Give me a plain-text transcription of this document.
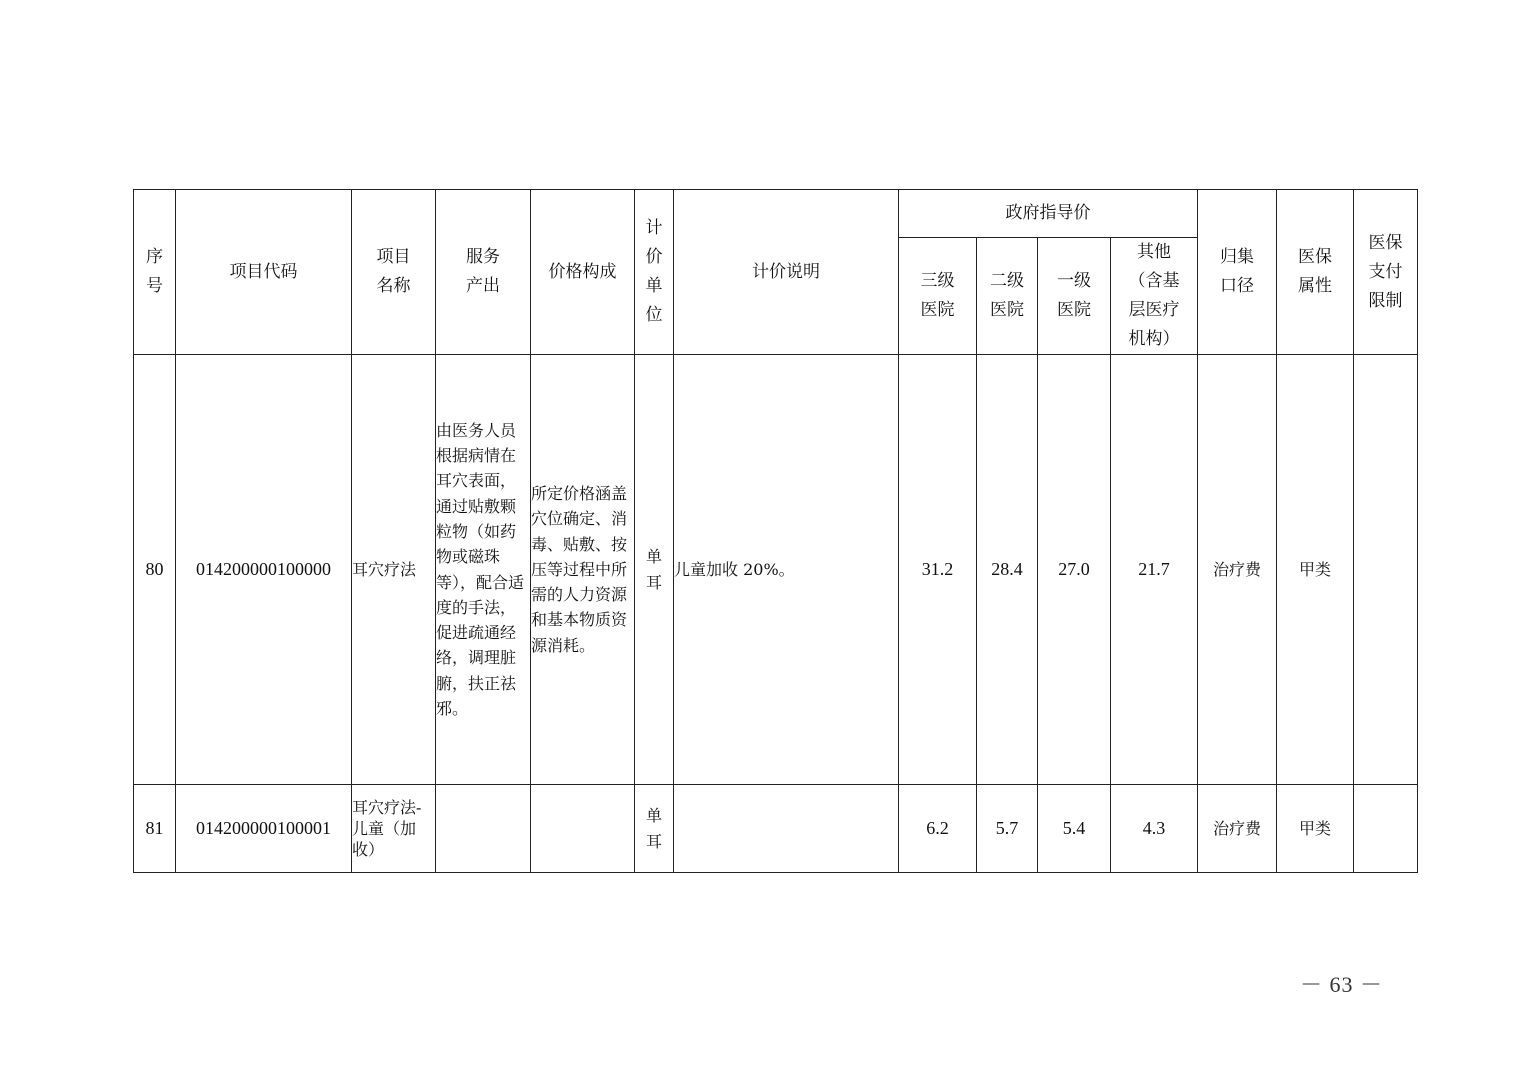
序号	项目代码	项目名称	服务产出	价格构成	计价单位	计价说明	政府指导价				归集口径	医保属性	医保支付限制

							三级医院	二级医院	一级医院	其他（含基层医疗机构）			

80	014200000100000	耳穴疗法	由医务人员根据病情在耳穴表面，通过贴敷颗粒物（如药物或磁珠等），配合适度的手法，促进疏通经络，调理脏腑，扶正祛邪。	所定价格涵盖穴位确定、消毒、贴敷、按压等过程中所需的人力资源和基本物质资源消耗。	单耳	儿童加收 20%。	31.2	28.4	27.0	21.7	治疗费	甲类	
81	014200000100001	耳穴疗法-儿童（加收）			单耳		6.2	5.7	5.4	4.3	治疗费	甲类	
－ 63 －
